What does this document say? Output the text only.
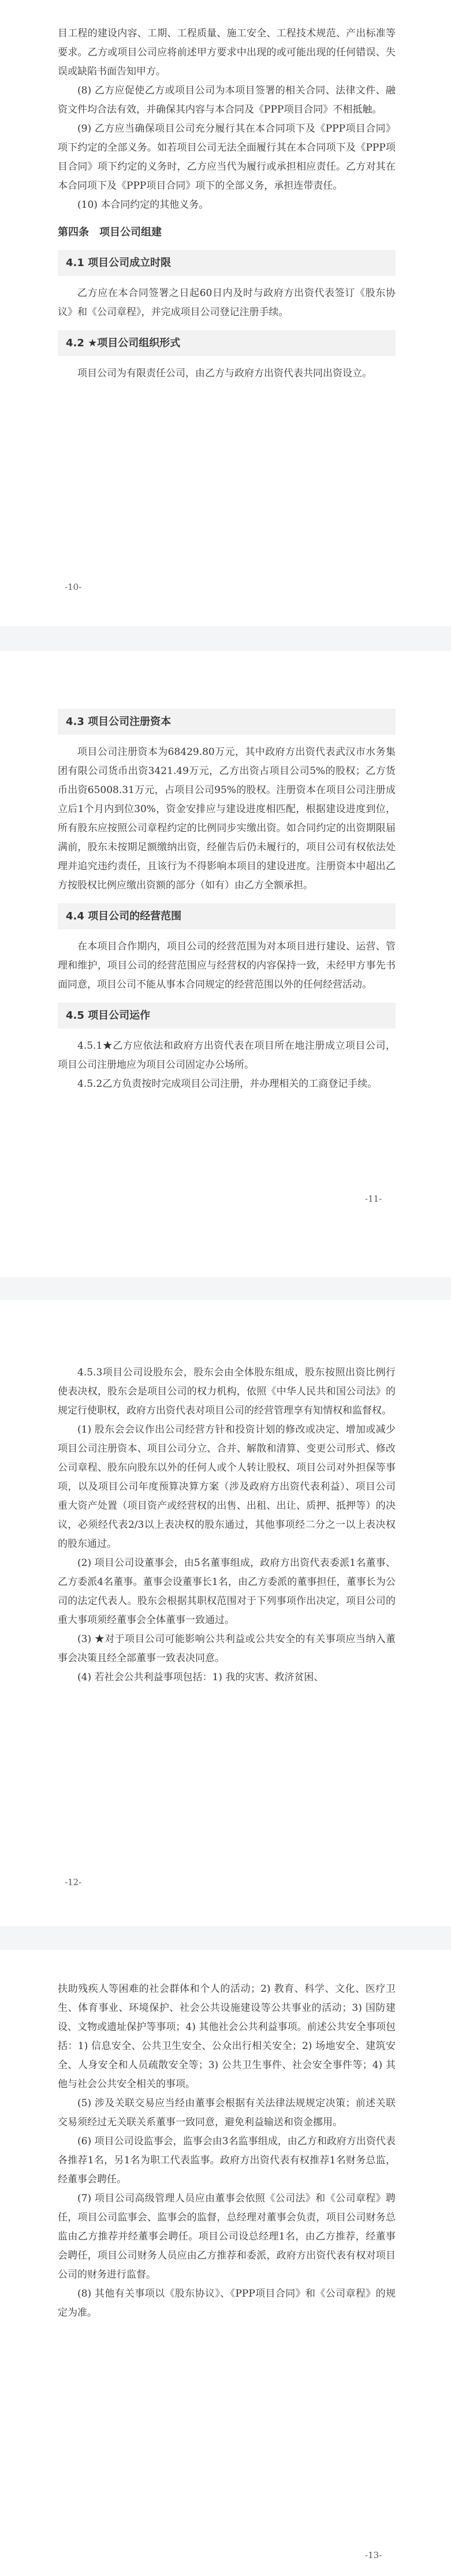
目工程的建设内容、工期、工程质量、施工安全、工程技术规范、产出标准等要求。乙方或项目公司应将前述甲方要求中出现的或可能出现的任何错误、失误或缺陷书面告知甲方。

(8) 乙方应促使乙方或项目公司为本项目签署的相关合同、法律文件、融资文件均合法有效，并确保其内容与本合同及《PPP项目合同》不相抵触。

(9) 乙方应当确保项目公司充分履行其在本合同项下及《PPP项目合同》项下约定的全部义务。如若项目公司无法全面履行其在本合同项下及《PPP项目合同》项下约定的义务时，乙方应当代为履行或承担相应责任。乙方对其在本合同项下及《PPP项目合同》项下的全部义务，承担连带责任。

(10) 本合同约定的其他义务。

第四条　项目公司组建

4.1 项目公司成立时限

乙方应在本合同签署之日起60日内及时与政府方出资代表签订《股东协议》和《公司章程》，并完成项目公司登记注册手续。

4.2 ★项目公司组织形式

项目公司为有限责任公司，由乙方与政府方出资代表共同出资设立。

-10-

4.3 项目公司注册资本

项目公司注册资本为68429.80万元，其中政府方出资代表武汉市水务集团有限公司货币出资3421.49万元，乙方出资占项目公司5%的股权；乙方货币出资65008.31万元，占项目公司95%的股权。注册资本在项目公司注册成立后1个月内到位30%，资金安排应与建设进度相匹配，根据建设进度到位，所有股东应按照公司章程约定的比例同步实缴出资。如合同约定的出资期限届满前，股东未按期足额缴纳出资，经催告后仍未履行的，项目公司有权依法处理并追究违约责任，且该行为不得影响本项目的建设进度。注册资本中超出乙方按股权比例应缴出资额的部分（如有）由乙方全额承担。

4.4 项目公司的经营范围

在本项目合作期内，项目公司的经营范围为对本项目进行建设、运营、管理和维护，项目公司的经营范围应与经营权的内容保持一致，未经甲方事先书面同意，项目公司不能从事本合同规定的经营范围以外的任何经营活动。

4.5 项目公司运作

4.5.1★乙方应依法和政府方出资代表在项目所在地注册成立项目公司，项目公司注册地应为项目公司固定办公场所。

4.5.2乙方负责按时完成项目公司注册，并办理相关的工商登记手续。

-11-

4.5.3项目公司设股东会，股东会由全体股东组成，股东按照出资比例行使表决权，股东会是项目公司的权力机构，依照《中华人民共和国公司法》的规定行使职权，政府方出资代表对项目公司的经营管理享有知情权和监督权。

(1) 股东会会议作出公司经营方针和投资计划的修改或决定、增加或减少项目公司注册资本、项目公司分立、合并、解散和清算、变更公司形式、修改公司章程、股东向股东以外的任何人或个人转让股权、项目公司对外担保等事项，以及项目公司年度预算决算方案（涉及政府方出资代表利益）、项目公司重大资产处置（项目资产或经营权的出售、出租、出让、质押、抵押等）的决议，必须经代表2/3以上表决权的股东通过，其他事项经二分之一以上表决权的股东通过。

(2) 项目公司设董事会，由5名董事组成，政府方出资代表委派1名董事、乙方委派4名董事。董事会设董事长1名，由乙方委派的董事担任，董事长为公司的法定代表人。股东会根据其职权范围对于下列事项作出决定，项目公司的重大事项须经董事会全体董事一致通过。

(3) ★对于项目公司可能影响公共利益或公共安全的有关事项应当纳入董事会决策且经全部董事一致表决同意。

(4) 若社会公共利益事项包括：1) 我的灾害、救济贫困、

-12-

扶助残疾人等困难的社会群体和个人的活动；2) 教育、科学、文化、医疗卫生、体育事业、环境保护、社会公共设施建设等公共事业的活动；3) 国防建设、文物或遗址保护等事项；4) 其他社会公共利益事项。前述公共安全事项包括：1) 信息安全、公共卫生安全、公众出行相关安全；2) 场地安全、建筑安全、人身安全和人员疏散安全等；3) 公共卫生事件、社会安全事件等；4) 其他与社会公共安全相关的事项。

(5) 涉及关联交易应当经由董事会根据有关法律法规规定决策；前述关联交易须经过无关联关系董事一致同意，避免利益输送和资金挪用。

(6) 项目公司设监事会，监事会由3名监事组成，由乙方和政府方出资代表各推荐1名，另1名为职工代表监事。政府方出资代表有权推荐1名财务总监，经董事会聘任。

(7) 项目公司高级管理人员应由董事会依照《公司法》和《公司章程》聘任，项目公司监事会、监事会的监督，总经理对董事会负责，项目公司财务总监由乙方推荐并经董事会聘任。项目公司设总经理1名，由乙方推荐，经董事会聘任，项目公司财务人员应由乙方推荐和委派，政府方出资代表有权对项目公司的财务进行监督。

(8) 其他有关事项以《股东协议》、《PPP项目合同》和《公司章程》的规定为准。

-13-
